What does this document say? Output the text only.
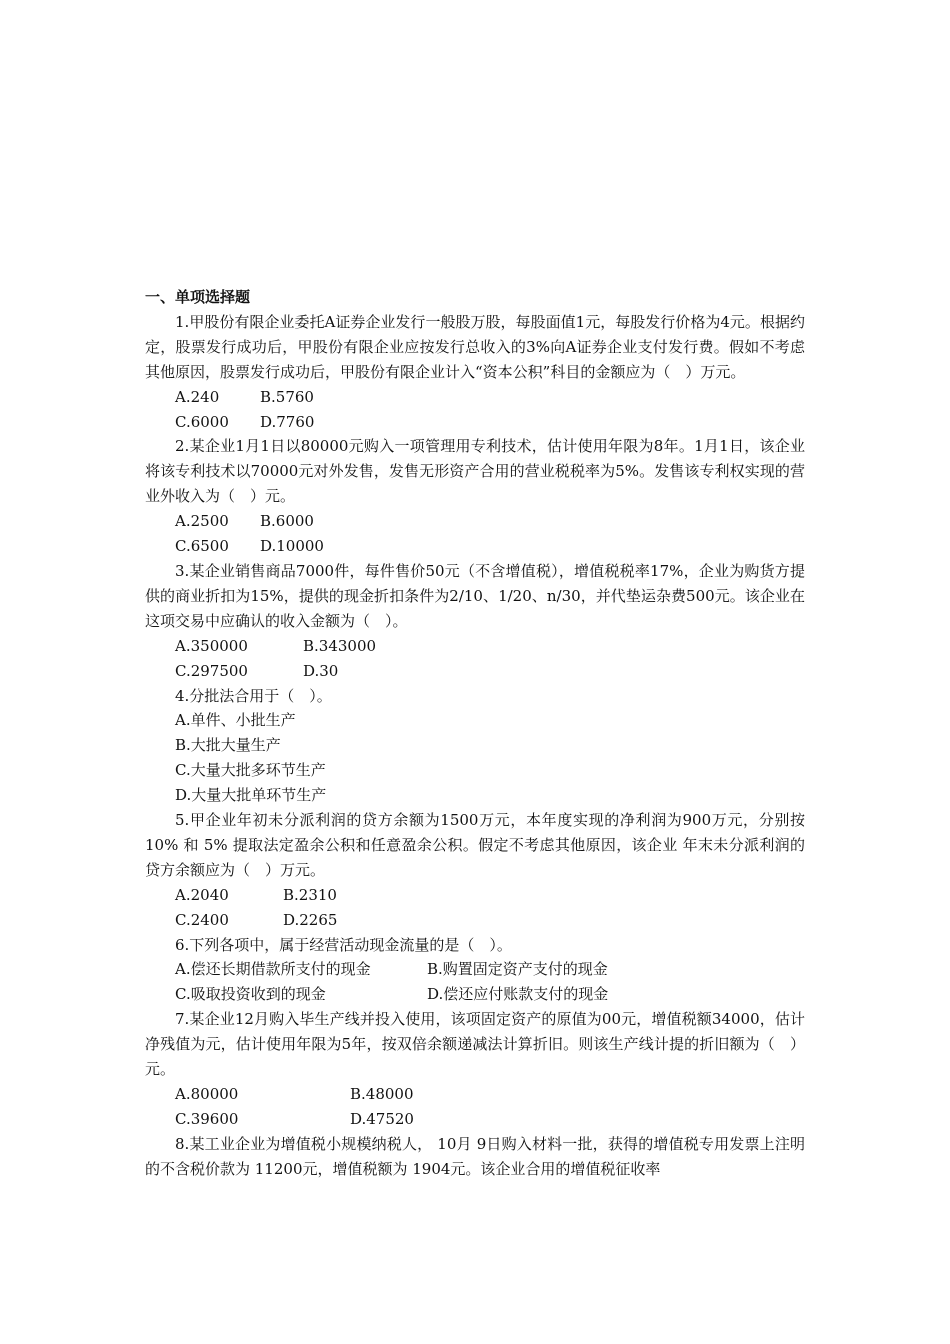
一、单项选择题

1.甲股份有限企业委托A证券企业发行一般股万股，每股面值1元，每股发行价格为4元。根据约定，股票发行成功后，甲股份有限企业应按发行总收入的3%向A证券企业支付发行费。假如不考虑其他原因，股票发行成功后，甲股份有限企业计入“资本公积”科目的金额应为（　）万元。

A.240	B.5760
C.6000 D.7760

2.某企业1月1日以80000元购入一项管理用专利技术，估计使用年限为8年。1月1日，该企业将该专利技术以70000元对外发售，发售无形资产合用的营业税税率为5%。发售该专利权实现的营业外收入为（　）元。

A.2500 B.6000
C.6500 D.10000

3.某企业销售商品7000件，每件售价50元（不含增值税），增值税税率17%，企业为购货方提供的商业折扣为15%，提供的现金折扣条件为2/10、1/20、n/30，并代垫运杂费500元。该企业在这项交易中应确认的收入金额为（　）。

A.350000	B.343000
C.297500	D.30

4.分批法合用于（　）。

A.单件、小批生产
B.大批大量生产
C.大量大批多环节生产
D.大量大批单环节生产

5.甲企业年初未分派利润的贷方余额为1500万元，本年度实现的净利润为900万元，分别按10% 和 5% 提取法定盈余公积和任意盈余公积。假定不考虑其他原因，该企业 年末未分派利润的贷方余额应为（　）万元。

A.2040	B.2310
C.2400	D.2265

6.下列各项中，属于经营活动现金流量的是（　）。

A.偿还长期借款所支付的现金	B.购置固定资产支付的现金
C.吸取投资收到的现金	D.偿还应付账款支付的现金

7.某企业12月购入毕生产线并投入使用，该项固定资产的原值为00元，增值税额34000，估计净残值为元，估计使用年限为5年，按双倍余额递减法计算折旧。则该生产线计提的折旧额为（　）元。

A.80000	B.48000
C.39600	D.47520

8.某工业企业为增值税小规模纳税人， 10月 9日购入材料一批，获得的增值税专用发票上注明的不含税价款为 11200元，增值税额为 1904元。该企业合用的增值税征收率
